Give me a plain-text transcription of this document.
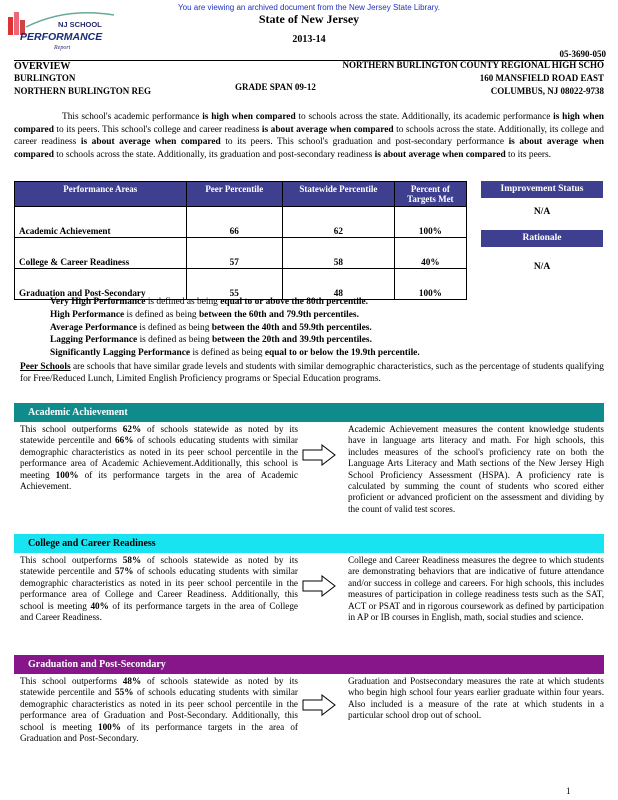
You are viewing an archived document from the New Jersey State Library.
NJ SCHOOL
PERFORMANCE
Report
State of New Jersey
2013-14
05-3690-050
OVERVIEW
BURLINGTON
NORTHERN BURLINGTON REG	GRADE SPAN 09-12
NORTHERN BURLINGTON COUNTY REGIONAL HIGH SCHO
160 MANSFIELD ROAD EAST
COLUMBUS, NJ 08022-9738

This school's academic performance is high when compared to schools across the state. Additionally, its academic performance is high when compared to its peers. This school's college and career readiness is about average when compared to schools across the state. Additionally, its college and career readiness is about average when compared to its peers. This school's graduation and post-secondary performance is about average when compared to schools across the state. Additionally, its graduation and post-secondary readiness is about average when compared to its peers.

Performance Areas	Peer Percentile	Statewide Percentile	Percent of Targets Met
Academic Achievement	66	62	100%
College & Career Readiness	57	58	40%
Graduation and Post-Secondary	55	48	100%
Improvement Status
N/A
Rationale
N/A
Very High Performance is defined as being equal to or above the 80th percentile.
High Performance is defined as being between the 60th and 79.9th percentiles.
Average Performance is defined as being between the 40th and 59.9th percentiles.
Lagging Performance is defined as being between the 20th and 39.9th percentiles.
Significantly Lagging Performance is defined as being equal to or below the 19.9th percentile.
Peer Schools are schools that have similar grade levels and students with similar demographic characteristics, such as the percentage of students qualifying for Free/Reduced Lunch, Limited English Proficiency programs or Special Education programs.
Academic Achievement
This school outperforms 62% of schools statewide as noted by its statewide percentile and 66% of schools educating students with similar demographic characteristics as noted in its peer school percentile in the performance area of Academic Achievement.Additionally, this school is meeting 100% of its performance targets in the area of Academic Achievement.
Academic Achievement measures the content knowledge students have in language arts literacy and math. For high schools, this includes measures of the school's proficiency rate on both the Language Arts Literacy and Math sections of the New Jersey High School Proficiency Assessment (HSPA). A proficiency rate is calculated by summing the count of students who scored either proficient or advanced proficient on the assessment and dividing by the count of valid test scores.
College and Career Readiness
This school outperforms 58% of schools statewide as noted by its statewide percentile and 57% of schools educating students with similar demographic characteristics as noted in its peer school percentile in the performance area of College and Career Readiness. Additionally, this school is meeting 40% of its performance targets in the area of College and Career Readiness.
College and Career Readiness measures the degree to which students are demonstrating behaviors that are indicative of future attendance and/or success in college and careers. For high schools, this includes measures of participation in college readiness tests such as the SAT, ACT or PSAT and in rigorous coursework as defined by participation in AP or IB courses in English, math, social studies and science.
Graduation and Post-Secondary
This school outperforms 48% of schools statewide as noted by its statewide percentile and 55% of schools educating students with similar demographic characteristics as noted in its peer school percentile in the performance area of Graduation and Post-Secondary. Additionally, this school is meeting 100% of its performance targets in the area of Graduation and Post-Secondary.
Graduation and Postsecondary measures the rate at which students who begin high school four years earlier graduate within four years. Also included is a measure of the rate at which students in a particular school drop out of school.
1
